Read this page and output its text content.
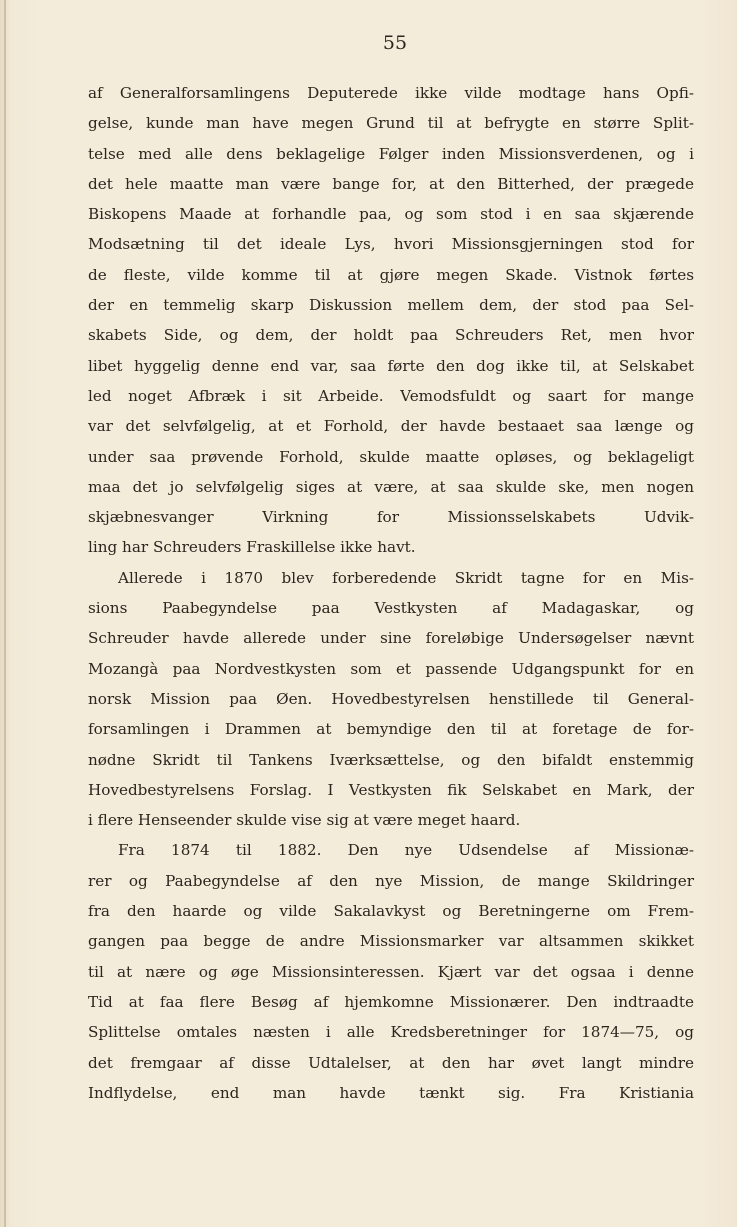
55
af Generalforsamlingens Deputerede ikke vilde modtage hans Opfi-
gelse, kunde man have megen Grund til at befrygte en større Split-
telse med alle dens beklagelige Følger inden Missionsverdenen, og i
det hele maatte man være bange for, at den Bitterhed, der prægede
Biskopens Maade at forhandle paa, og som stod i en saa skjærende
Modsætning til det ideale Lys, hvori Missionsgjerningen stod for
de fleste, vilde komme til at gjøre megen Skade. Vistnok førtes
der en temmelig skarp Diskussion mellem dem, der stod paa Sel-
skabets Side, og dem, der holdt paa Schreuders Ret, men hvor
libet hyggelig denne end var, saa førte den dog ikke til, at Selskabet
led noget Afbræk i sit Arbeide. Vemodsfuldt og saart for mange
var det selvfølgelig, at et Forhold, der havde bestaaet saa længe og
under saa prøvende Forhold, skulde maatte opløses, og beklageligt
maa det jo selvfølgelig siges at være, at saa skulde ske, men nogen
skjæbnesvanger Virkning for Missionsselskabets Udvik-
ling har Schreuders Fraskillelse ikke havt.
Allerede i 1870 blev forberedende Skridt tagne for en Mis-
sions Paabegyndelse paa Vestkysten af Madagaskar, og
Schreuder havde allerede under sine foreløbige Undersøgelser nævnt
Mozangà paa Nordvestkysten som et passende Udgangspunkt for en
norsk Mission paa Øen. Hovedbestyrelsen henstillede til General-
forsamlingen i Drammen at bemyndige den til at foretage de for-
nødne Skridt til Tankens Iværksættelse, og den bifaldt enstemmig
Hovedbestyrelsens Forslag. I Vestkysten fik Selskabet en Mark, der
i flere Henseender skulde vise sig at være meget haard.
Fra 1874 til 1882. Den nye Udsendelse af Missionæ-
rer og Paabegyndelse af den nye Mission, de mange Skildringer
fra den haarde og vilde Sakalavkyst og Beretningerne om Frem-
gangen paa begge de andre Missionsmarker var altsammen skikket
til at nære og øge Missionsinteressen. Kjært var det ogsaa i denne
Tid at faa flere Besøg af hjemkomne Missionærer. Den indtraadte
Splittelse omtales næsten i alle Kredsberetninger for 1874—75, og
det fremgaar af disse Udtalelser, at den har øvet langt mindre
Indflydelse, end man havde tænkt sig. Fra Kristiania
